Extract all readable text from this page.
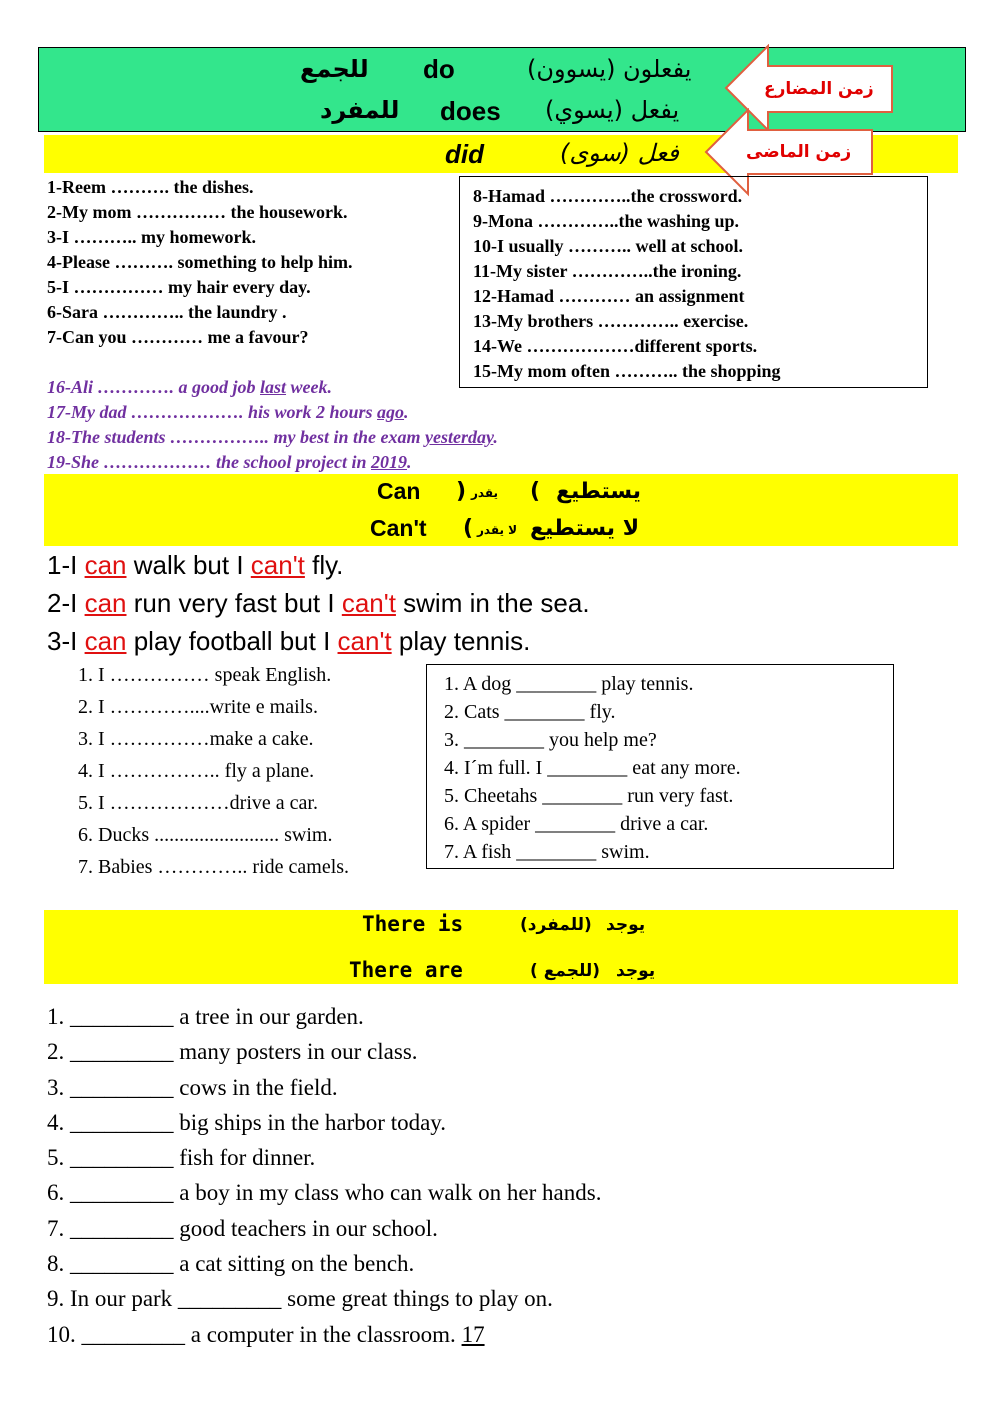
للجمع do	يفعلون (يسوون)
للمفرد does يفعل (يسوي)
did	فعل (سوى)
زمن المضارع
زمن الماضى
1-Reem ………. the dishes.
2-My mom …………… the housework.
3-I ……….. my homework.
4-Please ………. something to help him.
5-I …………… my hair every day.
6-Sara ………….. the laundry .
7-Can you ………… me a favour?
8-Hamad …………..the crossword.
9-Mona …………..the washing up.
10-I usually ……….. well at school.
11-My sister …………..the ironing.
12-Hamad ………… an assignment
13-My brothers ………….. exercise.
14-We ………………different sports.
15-My mom often ……….. the shopping
16-Ali …………. a good job last week.
17-My dad ………………. his work 2 hours ago.
18-The students …………….. my best in the exam yesterday.
19-She ……………… the school project in 2019.
Can ( يقدر ) يستطيع
Can't ) لا يقدر لا يستطيع
1-I can walk but I can't fly.
2-I can run very fast but I can't swim in the sea.
3-I can play football but I can't play tennis.
1. I …………… speak English.
2. I …………....write e mails.
3. I ……………make a cake.
4. I …………….. fly a plane.
5. I ………………drive a car.
6. Ducks ......................... swim.
7. Babies ………….. ride camels.
1. A dog ________ play tennis.
2. Cats ________ fly.
3. ________ you help me?
4. I´m full. I ________ eat any more.
5. Cheetahs ________ run very fast.
6. A spider ________ drive a car.
7. A fish ________ swim.
There is	(للمفرد) يوجد
There are	(للجمع ) يوجد
1. _________ a tree in our garden.
2. _________ many posters in our class.
3. _________ cows in the field.
4. _________ big ships in the harbor today.
5. _________ fish for dinner.
6. _________ a boy in my class who can walk on her hands.
7. _________ good teachers in our school.
8. _________ a cat sitting on the bench.
9. In our park _________ some great things to play on.
10. _________ a computer in the classroom. 17
